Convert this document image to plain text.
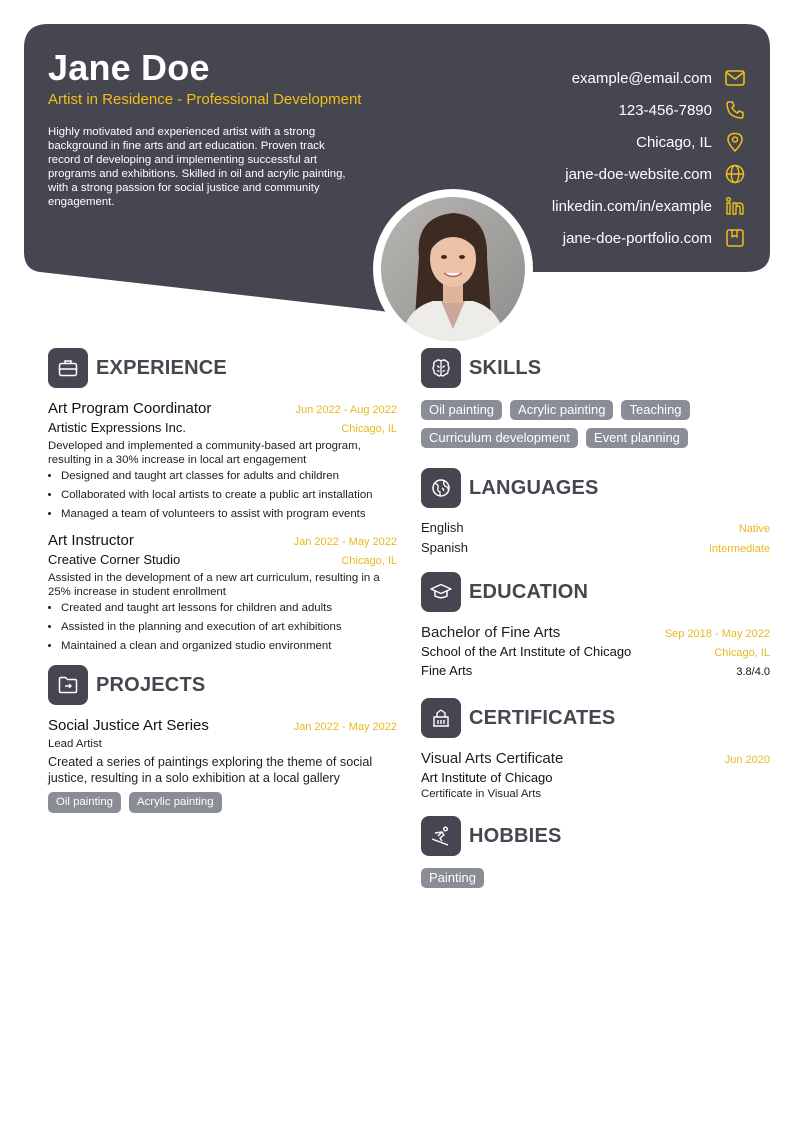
Jane Doe
Artist in Residence - Professional Development
Highly motivated and experienced artist with a strong background in fine arts and art education. Proven track record of developing and implementing successful art programs and exhibitions. Skilled in oil and acrylic painting, with a strong passion for social justice and community engagement.
example@email.com
123-456-7890
Chicago, IL
jane-doe-website.com
linkedin.com/in/example
jane-doe-portfolio.com
EXPERIENCE
Art Program Coordinator	Jun 2022 - Aug 2022
Artistic Expressions Inc.	Chicago, IL
Developed and implemented a community-based art program, resulting in a 30% increase in local art engagement
• Designed and taught art classes for adults and children
• Collaborated with local artists to create a public art installation
• Managed a team of volunteers to assist with program events
Art Instructor	Jan 2022 - May 2022
Creative Corner Studio	Chicago, IL
Assisted in the development of a new art curriculum, resulting in a 25% increase in student enrollment
• Created and taught art lessons for children and adults
• Assisted in the planning and execution of art exhibitions
• Maintained a clean and organized studio environment
PROJECTS
Social Justice Art Series	Jan 2022 - May 2022
Lead Artist
Created a series of paintings exploring the theme of social justice, resulting in a solo exhibition at a local gallery
Oil painting	Acrylic painting
SKILLS
Oil painting	Acrylic painting	Teaching
Curriculum development	Event planning
LANGUAGES
English	Native
Spanish	Intermediate
EDUCATION
Bachelor of Fine Arts	Sep 2018 - May 2022
School of the Art Institute of Chicago	Chicago, IL
Fine Arts	3.8/4.0
CERTIFICATES
Visual Arts Certificate	Jun 2020
Art Institute of Chicago
Certificate in Visual Arts
HOBBIES
Painting
